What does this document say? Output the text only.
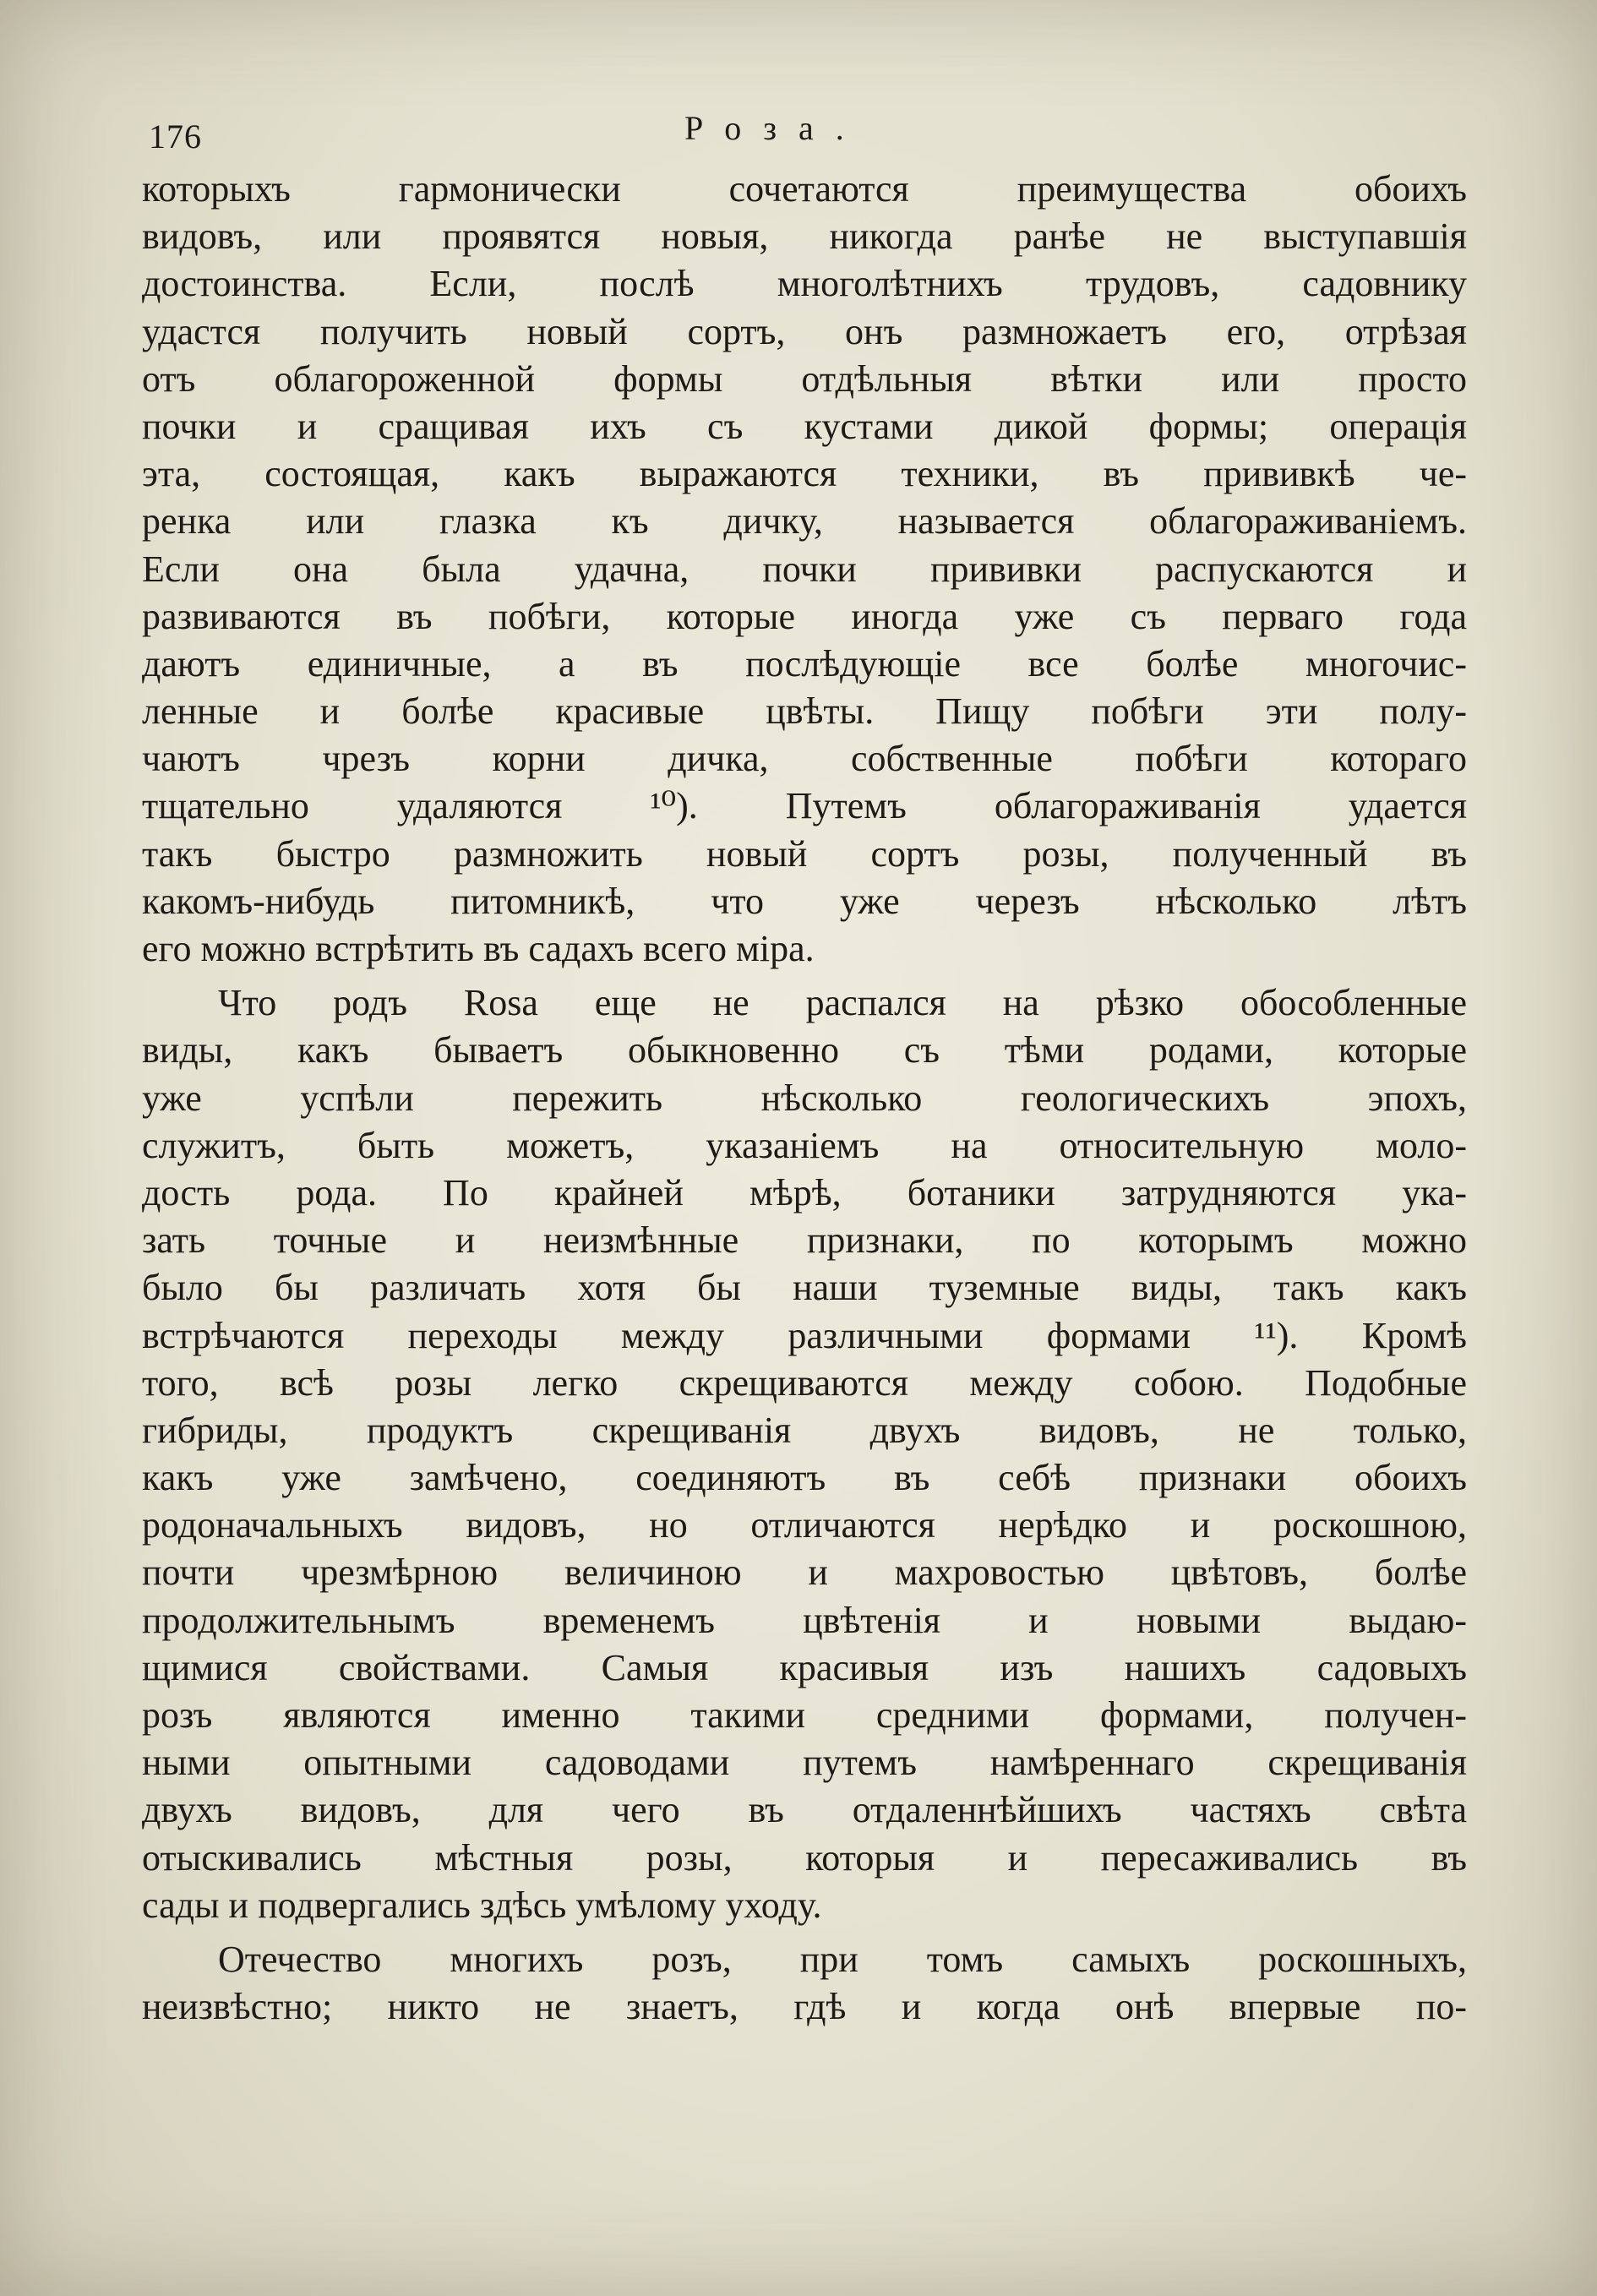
176	Роза.
которыхъ гармонически сочетаются преимущества обоихъ
видовъ, или проявятся новыя, никогда ранѣе не выступавшія
достоинства. Если, послѣ многолѣтнихъ трудовъ, садовнику
удастся получить новый сортъ, онъ размножаетъ его, отрѣзая
отъ облагороженной формы отдѣльныя вѣтки или просто
почки и сращивая ихъ съ кустами дикой формы; операція
эта, состоящая, какъ выражаются техники, въ прививкѣ че-
ренка или глазка къ дичку, называется облагораживаніемъ.
Если она была удачна, почки прививки распускаются и
развиваются въ побѣги, которые иногда уже съ перваго года
даютъ единичные, а въ послѣдующіе все болѣе многочис-
ленные и болѣе красивые цвѣты. Пищу побѣги эти полу-
чаютъ чрезъ корни дичка, собственные побѣги котораго
тщательно удаляются ¹⁰). Путемъ облагораживанія удается
такъ быстро размножить новый сортъ розы, полученный въ
какомъ-нибудь питомникѣ, что уже черезъ нѣсколько лѣтъ
его можно встрѣтить въ садахъ всего міра.
Что родъ Rosa еще не распался на рѣзко обособленные
виды, какъ бываетъ обыкновенно съ тѣми родами, которые
уже успѣли пережить нѣсколько геологическихъ эпохъ,
служитъ, быть можетъ, указаніемъ на относительную моло-
дость рода. По крайней мѣрѣ, ботаники затрудняются ука-
зать точные и неизмѣнные признаки, по которымъ можно
было бы различать хотя бы наши туземные виды, такъ какъ
встрѣчаются переходы между различными формами ¹¹). Кромѣ
того, всѣ розы легко скрещиваются между собою. Подобные
гибриды, продуктъ скрещиванія двухъ видовъ, не только,
какъ уже замѣчено, соединяютъ въ себѣ признаки обоихъ
родоначальныхъ видовъ, но отличаются нерѣдко и роскошною,
почти чрезмѣрною величиною и махровостью цвѣтовъ, болѣе
продолжительнымъ временемъ цвѣтенія и новыми выдаю-
щимися свойствами. Самыя красивыя изъ нашихъ садовыхъ
розъ являются именно такими средними формами, получен-
ными опытными садоводами путемъ намѣреннаго скрещиванія
двухъ видовъ, для чего въ отдаленнѣйшихъ частяхъ свѣта
отыскивались мѣстныя розы, которыя и пересаживались въ
сады и подвергались здѣсь умѣлому уходу.
Отечество многихъ розъ, при томъ самыхъ роскошныхъ,
неизвѣстно; никто не знаетъ, гдѣ и когда онѣ впервые по-
